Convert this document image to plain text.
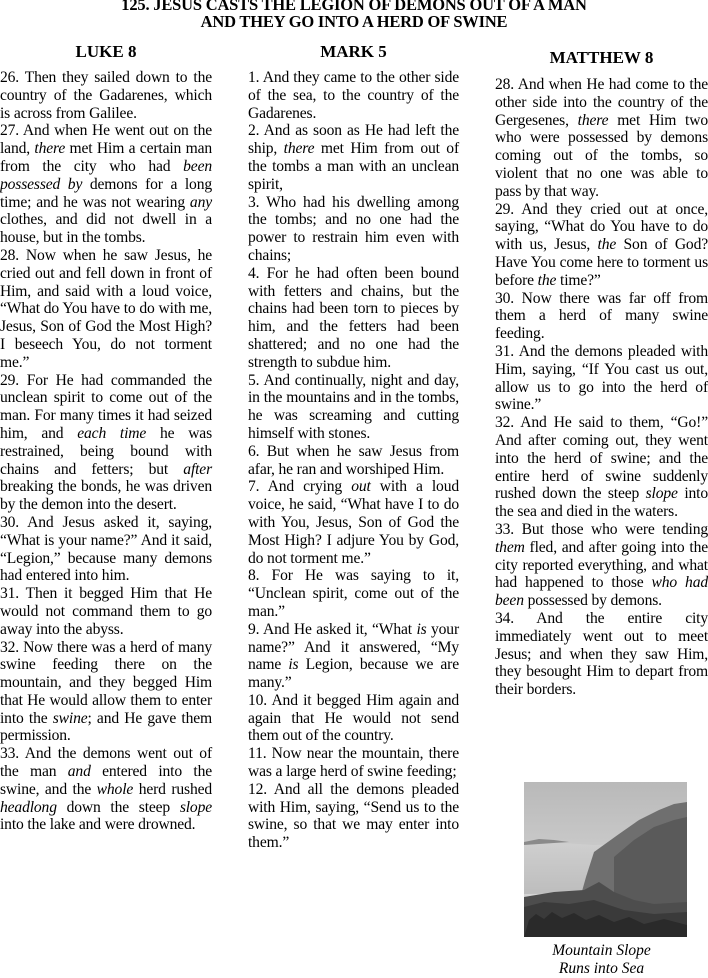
125. JESUS CASTS THE LEGION OF DEMONS OUT OF A MAN
AND THEY GO INTO A HERD OF SWINE
LUKE 8

26. Then they sailed down to the country of the Gadarenes, which is across from Galilee.

27. And when He went out on the land, there met Him a certain man from the city who had been possessed by demons for a long time; and he was not wearing any clothes, and did not dwell in a house, but in the tombs.

28. Now when he saw Jesus, he cried out and fell down in front of Him, and said with a loud voice, “What do You have to do with me, Jesus, Son of God the Most High? I beseech You, do not torment me.”

29. For He had commanded the unclean spirit to come out of the man. For many times it had seized him, and each time he was restrained, being bound with chains and fetters; but after breaking the bonds, he was driven by the demon into the desert.

30. And Jesus asked it, saying, “What is your name?” And it said, “Legion,” because many demons had entered into him.

31. Then it begged Him that He would not command them to go away into the abyss.

32. Now there was a herd of many swine feeding there on the mountain, and they begged Him that He would allow them to enter into the swine; and He gave them permission.

33. And the demons went out of the man and entered into the swine, and the whole herd rushed headlong down the steep slope into the lake and were drowned.

MARK 5

1. And they came to the other side of the sea, to the country of the Gadarenes.

2. And as soon as He had left the ship, there met Him from out of the tombs a man with an unclean spirit,

3. Who had his dwelling among the tombs; and no one had the power to restrain him even with chains;

4. For he had often been bound with fetters and chains, but the chains had been torn to pieces by him, and the fetters had been shattered; and no one had the strength to subdue him.

5. And continually, night and day, in the mountains and in the tombs, he was screaming and cutting himself with stones.

6. But when he saw Jesus from afar, he ran and worshiped Him.

7. And crying out with a loud voice, he said, “What have I to do with You, Jesus, Son of God the Most High? I adjure You by God, do not torment me.”

8. For He was saying to it, “Unclean spirit, come out of the man.”

9. And He asked it, “What is your name?” And it answered, “My name is Legion, because we are many.”

10. And it begged Him again and again that He would not send them out of the country.

11. Now near the mountain, there was a large herd of swine feeding;

12. And all the demons pleaded with Him, saying, “Send us to the swine, so that we may enter into them.”

MATTHEW 8

28. And when He had come to the other side into the country of the Gergesenes, there met Him two who were possessed by demons coming out of the tombs, so violent that no one was able to pass by that way.

29. And they cried out at once, saying, “What do You have to do with us, Jesus, the Son of God? Have You come here to torment us before the time?”

30. Now there was far off from them a herd of many swine feeding.

31. And the demons pleaded with Him, saying, “If You cast us out, allow us to go into the herd of swine.”

32. And He said to them, “Go!” And after coming out, they went into the herd of swine; and the entire herd of swine suddenly rushed down the steep slope into the sea and died in the waters.

33. But those who were tending them fled, and after going into the city reported everything, and what had happened to those who had been possessed by demons.

34. And the entire city immediately went out to meet Jesus; and when they saw Him, they besought Him to depart from their borders.

Mountain Slope
Runs into Sea
